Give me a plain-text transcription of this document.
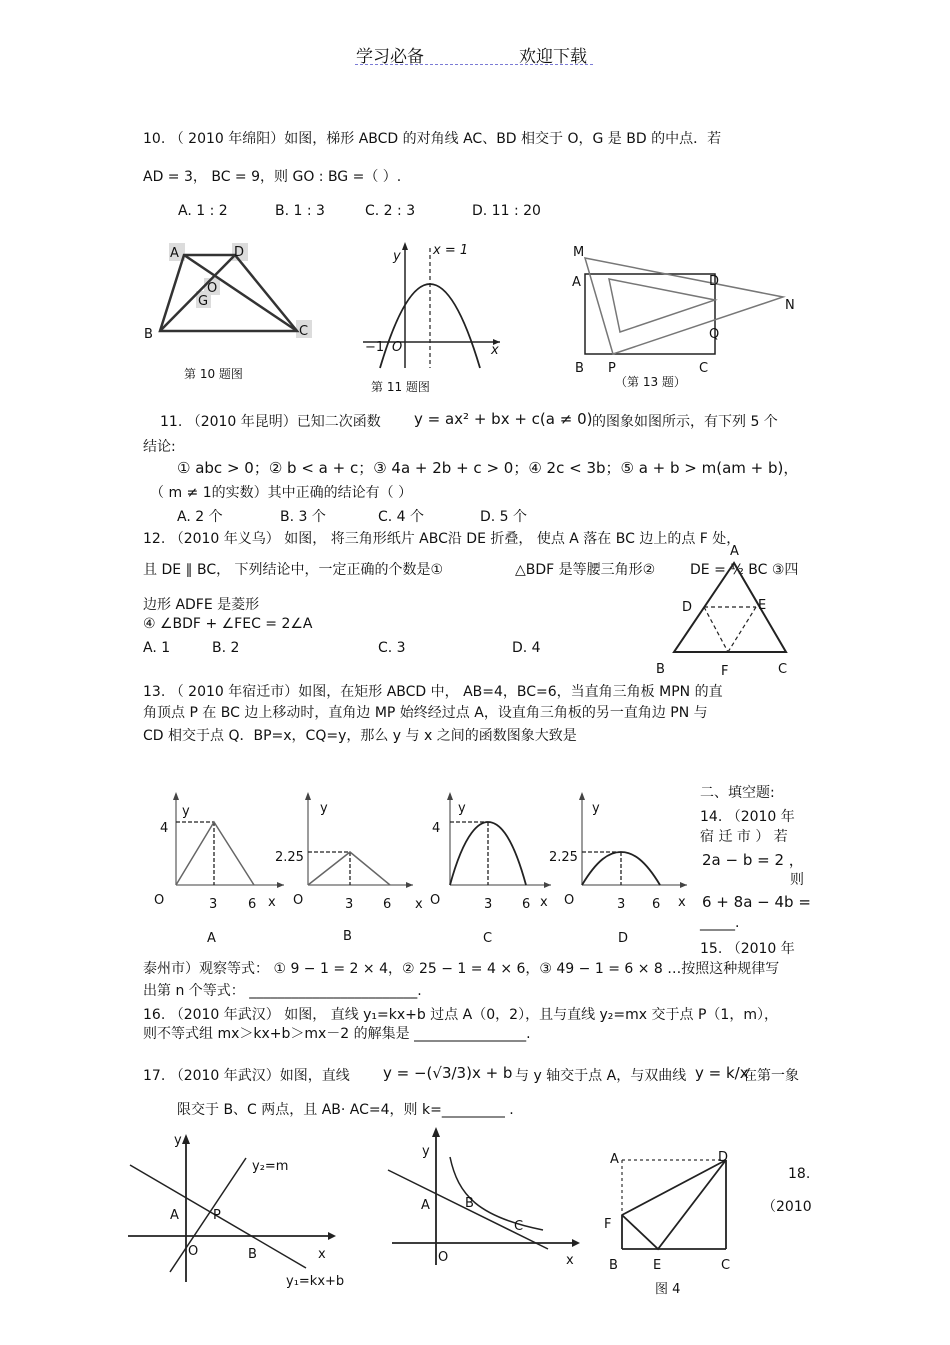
学习必备	欢迎下载
10. （ 2010 年绵阳）如图，梯形 ABCD 的对角线 AC、BD 相交于 O，G 是 BD 的中点．若
AD = 3， BC = 9，则 GO : BG =（ ）.
A. 1 : 2	B. 1 : 3	C. 2 : 3	D. 11 : 20
A	D
O
G
B	C
第 10 题图
x = 1
y
x
−1 O
第 11 题图
M
A	D
N
Q
B P	C
（第 13 题）
11. （2010 年昆明）已知二次函数 y = ax² + bx + c(a ≠ 0) 的图象如图所示，有下列 5 个
结论:
① abc > 0；② b < a + c；③ 4a + 2b + c > 0；④ 2c < 3b；⑤ a + b > m(am + b)，
（ m ≠ 1的实数）其中正确的结论有（ ）
A. 2 个	B. 3 个	C. 4 个	D. 5 个
12. （2010 年义乌） 如图， 将三角形纸片 ABC沿 DE 折叠， 使点 A 落在 BC 边上的点 F 处，
且 DE ∥ BC， 下列结论中，一定正确的个数是①	△BDF 是等腰三角形② DE = ½ BC ③四
边形 ADFE 是菱形
④ ∠BDF + ∠FEC = 2∠A
A. 1	B. 2	C. 3	D. 4
A
D	E
B	F	C
13. （ 2010 年宿迁市）如图，在矩形 ABCD 中， AB=4，BC=6，当直角三角板 MPN 的直
角顶点 P 在 BC 边上移动时，直角边 MP 始终经过点 A，设直角三角板的另一直角边 PN 与
CD 相交于点 Q．BP=x，CQ=y，那么 y 与 x 之间的函数图象大致是
4
y
O	3 6 x
A
2.25
y
O	3 6 x
B
4
y
O	3 6 x
C
2.25
y
O	3 6 x
D
二、填空题:
14. （2010 年
宿 迁 市 ） 若
2a − b = 2 ，
则
6 + 8a − 4b =
_____.
15. （2010 年
泰州市）观察等式： ① 9 − 1 = 2 × 4，② 25 − 1 = 4 × 6，③ 49 − 1 = 6 × 8 …按照这种规律写
出第 n 个等式： ________________________.
16. （2010 年武汉） 如图， 直线 y₁=kx+b 过点 A（0，2），且与直线 y₂=mx 交于点 P（1，m），
则不等式组 mx＞kx+b＞mx－2 的解集是 ________________.
17. （2010 年武汉）如图，直线 y = −(√3/3)x + b 与 y 轴交于点 A，与双曲线 y = k/x
在第一象
限交于 B、C 两点，且 AB· AC=4，则 k=_________ .
y
y₂=m
A	P
O	B	x
y₁=kx+b
y
A	B
C
O	x
A	D
F
B	E	C
图 4
18.
（2010
